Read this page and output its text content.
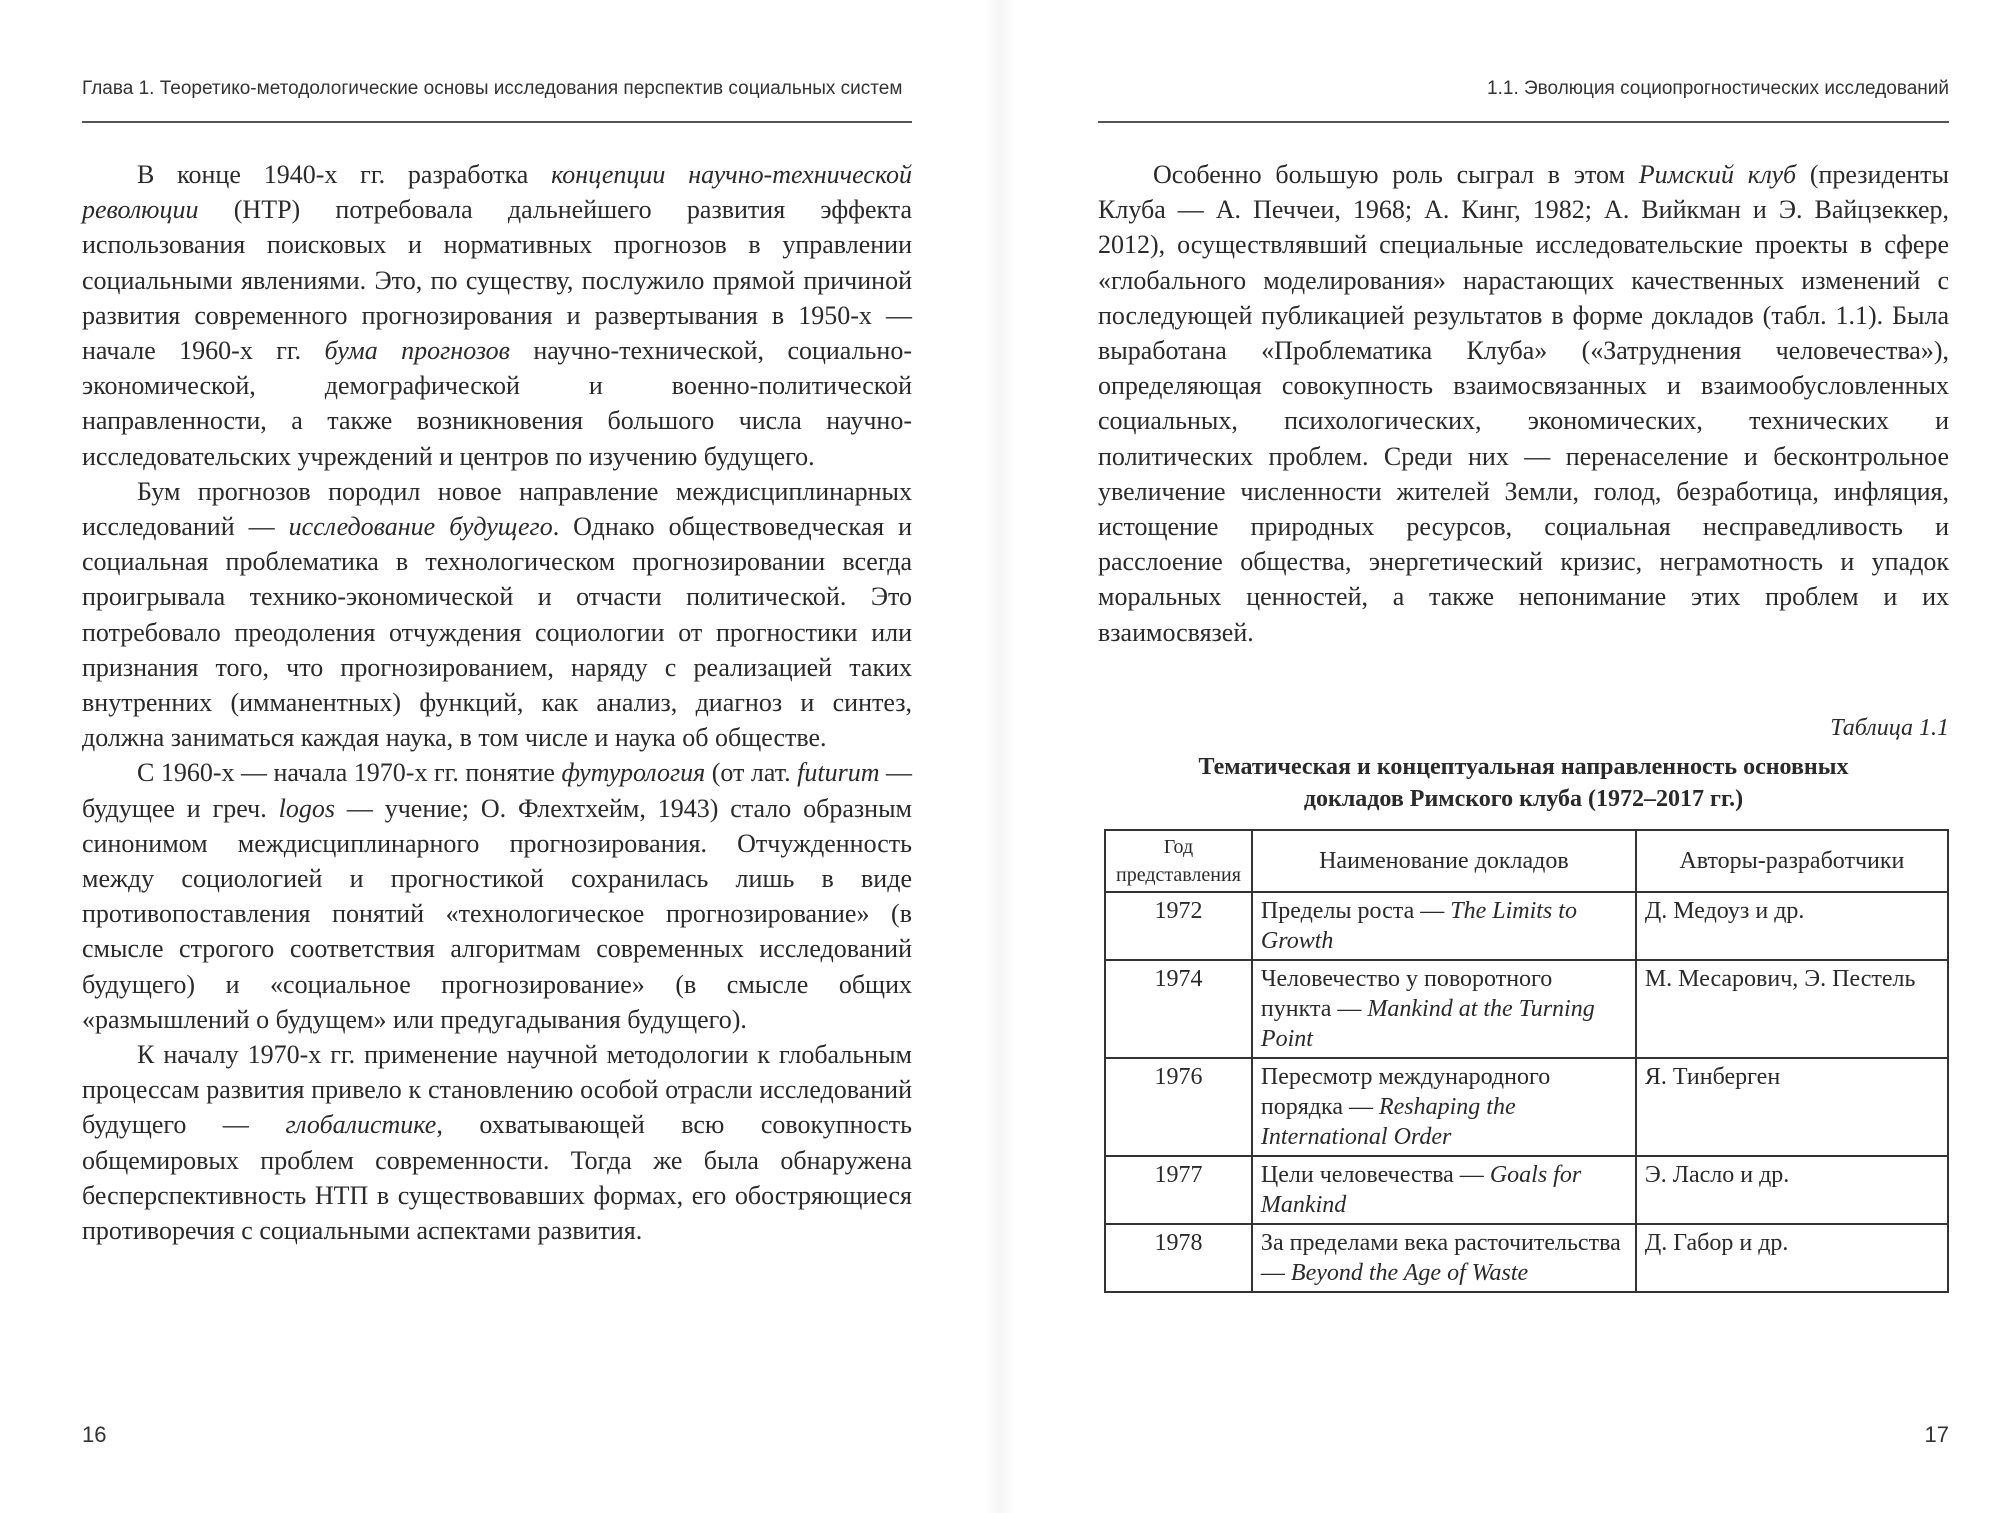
Глава 1. Теоретико-методологические основы исследования перспектив социальных систем

В конце 1940-х гг. разработка концепции научно-технической революции (НТР) потребовала дальнейшего развития эффекта использования поисковых и нормативных прогнозов в управлении социальными явлениями. Это, по существу, послужило прямой причиной развития современного прогнозирования и развертывания в 1950-х — начале 1960-х гг. бума прогнозов научно-технической, социально-экономической, демографической и военно-политической направленности, а также возникновения большого числа научно-исследовательских учреждений и центров по изучению будущего.

Бум прогнозов породил новое направление междисциплинарных исследований — исследование будущего. Однако обществоведческая и социальная проблематика в технологическом прогнозировании всегда проигрывала технико-экономической и отчасти политической. Это потребовало преодоления отчуждения социологии от прогностики или признания того, что прогнозированием, наряду с реализацией таких внутренних (имманентных) функций, как анализ, диагноз и синтез, должна заниматься каждая наука, в том числе и наука об обществе.

С 1960-х — начала 1970-х гг. понятие футурология (от лат. futurum — будущее и греч. logos — учение; О. Флехтхейм, 1943) стало образным синонимом междисциплинарного прогнозирования. Отчужденность между социологией и прогностикой сохранилась лишь в виде противопоставления понятий «технологическое прогнозирование» (в смысле строгого соответствия алгоритмам современных исследований будущего) и «социальное прогнозирование» (в смысле общих «размышлений о будущем» или предугадывания будущего).

К началу 1970-х гг. применение научной методологии к глобальным процессам развития привело к становлению особой отрасли исследований будущего — глобалистике, охватывающей всю совокупность общемировых проблем современности. Тогда же была обнаружена бесперспективность НТП в существовавших формах, его обостряющиеся противоречия с социальными аспектами развития.

16
1.1. Эволюция социопрогностических исследований

Особенно большую роль сыграл в этом Римский клуб (президенты Клуба — А. Печчеи, 1968; А. Кинг, 1982; А. Вийкман и Э. Вайцзеккер, 2012), осуществлявший специальные исследовательские проекты в сфере «глобального моделирования» нарастающих качественных изменений с последующей публикацией результатов в форме докладов (табл. 1.1). Была выработана «Проблематика Клуба» («Затруднения человечества»), определяющая совокупность взаимосвязанных и взаимообусловленных социальных, психологических, экономических, технических и политических проблем. Среди них — перенаселение и бесконтрольное увеличение численности жителей Земли, голод, безработица, инфляция, истощение природных ресурсов, социальная несправедливость и расслоение общества, энергетический кризис, неграмотность и упадок моральных ценностей, а также непонимание этих проблем и их взаимосвязей.

Таблица 1.1
Тематическая и концептуальная направленность основных
докладов Римского клуба (1972–2017 гг.)
Год представления	Наименование докладов	Авторы-разработчики
1972	Пределы роста — The Limits to Growth	Д. Медоуз и др.
1974	Человечество у поворотного пункта — Mankind at the Turning Point	М. Месарович, Э. Пестель
1976	Пересмотр международного порядка — Reshaping the International Order	Я. Тинберген
1977	Цели человечества — Goals for Mankind	Э. Ласло и др.
1978	За пределами века расточительства — Beyond the Age of Waste	Д. Габор и др.
17
